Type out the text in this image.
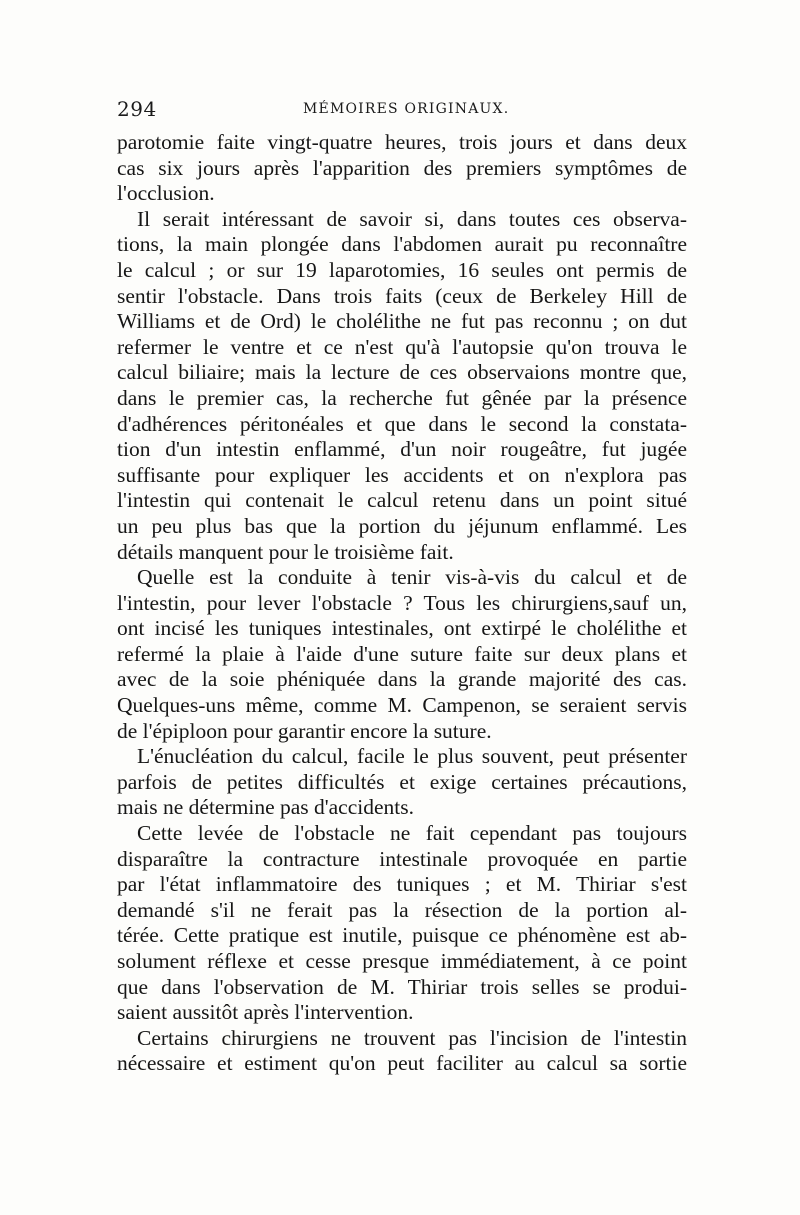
294	MÉMOIRES ORIGINAUX.
parotomie faite vingt-quatre heures, trois jours et dans deux
cas six jours après l'apparition des premiers symptômes de
l'occlusion.
Il serait intéressant de savoir si, dans toutes ces observa-
tions, la main plongée dans l'abdomen aurait pu reconnaître
le calcul ; or sur 19 laparotomies, 16 seules ont permis de
sentir l'obstacle. Dans trois faits (ceux de Berkeley Hill de
Williams et de Ord) le cholélithe ne fut pas reconnu ; on dut
refermer le ventre et ce n'est qu'à l'autopsie qu'on trouva le
calcul biliaire; mais la lecture de ces observaions montre que,
dans le premier cas, la recherche fut gênée par la présence
d'adhérences péritonéales et que dans le second la constata-
tion d'un intestin enflammé, d'un noir rougeâtre, fut jugée
suffisante pour expliquer les accidents et on n'explora pas
l'intestin qui contenait le calcul retenu dans un point situé
un peu plus bas que la portion du jéjunum enflammé. Les
détails manquent pour le troisième fait.
Quelle est la conduite à tenir vis-à-vis du calcul et de
l'intestin, pour lever l'obstacle ? Tous les chirurgiens,sauf un,
ont incisé les tuniques intestinales, ont extirpé le cholélithe et
refermé la plaie à l'aide d'une suture faite sur deux plans et
avec de la soie phéniquée dans la grande majorité des cas.
Quelques-uns même, comme M. Campenon, se seraient servis
de l'épiploon pour garantir encore la suture.
L'énucléation du calcul, facile le plus souvent, peut présenter
parfois de petites difficultés et exige certaines précautions,
mais ne détermine pas d'accidents.
Cette levée de l'obstacle ne fait cependant pas toujours
disparaître la contracture intestinale provoquée en partie
par l'état inflammatoire des tuniques ; et M. Thiriar s'est
demandé s'il ne ferait pas la résection de la portion al-
térée. Cette pratique est inutile, puisque ce phénomène est ab-
solument réflexe et cesse presque immédiatement, à ce point
que dans l'observation de M. Thiriar trois selles se produi-
saient aussitôt après l'intervention.
Certains chirurgiens ne trouvent pas l'incision de l'intestin
nécessaire et estiment qu'on peut faciliter au calcul sa sortie
